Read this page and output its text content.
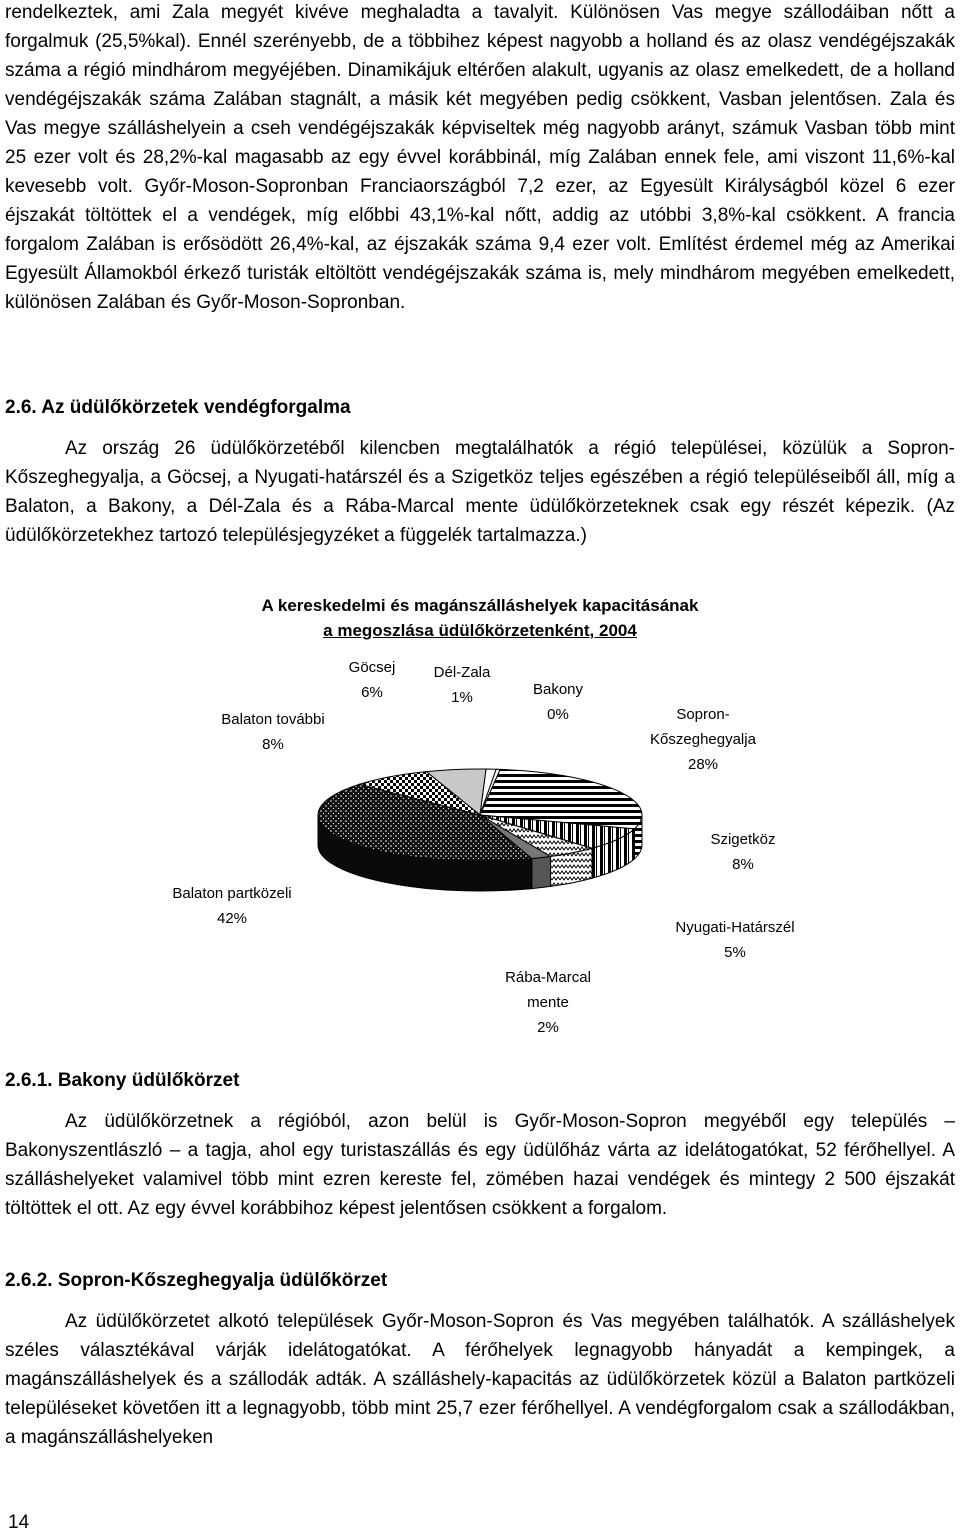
rendelkeztek, ami Zala megyét kivéve meghaladta a tavalyit. Különösen Vas megye szállodáiban nőtt a forgalmuk (25,5%kal). Ennél szerényebb, de a többihez képest nagyobb a holland és az olasz vendégéjszakák száma a régió mindhárom megyéjében. Dinamikájuk eltérően alakult, ugyanis az olasz emelkedett, de a holland vendégéjszakák száma Zalában stagnált, a másik két megyében pedig csökkent, Vasban jelentősen. Zala és Vas megye szálláshelyein a cseh vendégéjszakák képviseltek még nagyobb arányt, számuk Vasban több mint 25 ezer volt és 28,2%-kal magasabb az egy évvel korábbinál, míg Zalában ennek fele, ami viszont 11,6%-kal kevesebb volt. Győr-Moson-Sopronban Franciaországból 7,2 ezer, az Egyesült Királyságból közel 6 ezer éjszakát töltöttek el a vendégek, míg előbbi 43,1%-kal nőtt, addig az utóbbi 3,8%-kal csökkent. A francia forgalom Zalában is erősödött 26,4%-kal, az éjszakák száma 9,4 ezer volt. Említést érdemel még az Amerikai Egyesült Államokból érkező turisták eltöltött vendégéjszakák száma is, mely mindhárom megyében emelkedett, különösen Zalában és Győr-Moson-Sopronban.

2.6. Az üdülőkörzetek vendégforgalma

Az ország 26 üdülőkörzetéből kilencben megtalálhatók a régió települései, közülük a Sopron-Kőszeghegyalja, a Göcsej, a Nyugati-határszél és a Szigetköz teljes egészében a régió településeiből áll, míg a Balaton, a Bakony, a Dél-Zala és a Rába-Marcal mente üdülőkörzeteknek csak egy részét képezik. (Az üdülőkörzetekhez tartozó településjegyzéket a függelék tartalmazza.)

A kereskedelmi és magánszálláshelyek kapacitásának
a megoszlása üdülőkörzetenként, 2004
Göcsej
6%
Dél-Zala
1%	Bakony
0%	Sopron-
Kőszeghegyalja
28%

Balaton további
8%
Szigetköz
8%
Balaton partközeli
42%
Nyugati-Határszél
5%

Rába-Marcal
mente
2%

2.6.1. Bakony üdülőkörzet

Az üdülőkörzetnek a régióból, azon belül is Győr-Moson-Sopron megyéből egy település – Bakonyszentlászló – a tagja, ahol egy turistaszállás és egy üdülőház várta az idelátogatókat, 52 férőhellyel. A szálláshelyeket valamivel több mint ezren kereste fel, zömében hazai vendégek és mintegy 2 500 éjszakát töltöttek el ott. Az egy évvel korábbihoz képest jelentősen csökkent a forgalom.

2.6.2. Sopron-Kőszeghegyalja üdülőkörzet

Az üdülőkörzetet alkotó települések Győr-Moson-Sopron és Vas megyében találhatók. A szálláshelyek széles választékával várják idelátogatókat. A férőhelyek legnagyobb hányadát a kempingek, a magánszálláshelyek és a szállodák adták. A szálláshely-kapacitás az üdülőkörzetek közül a Balaton partközeli településeket követően itt a legnagyobb, több mint 25,7 ezer férőhellyel. A vendégforgalom csak a szállodákban, a magánszálláshelyeken

14
